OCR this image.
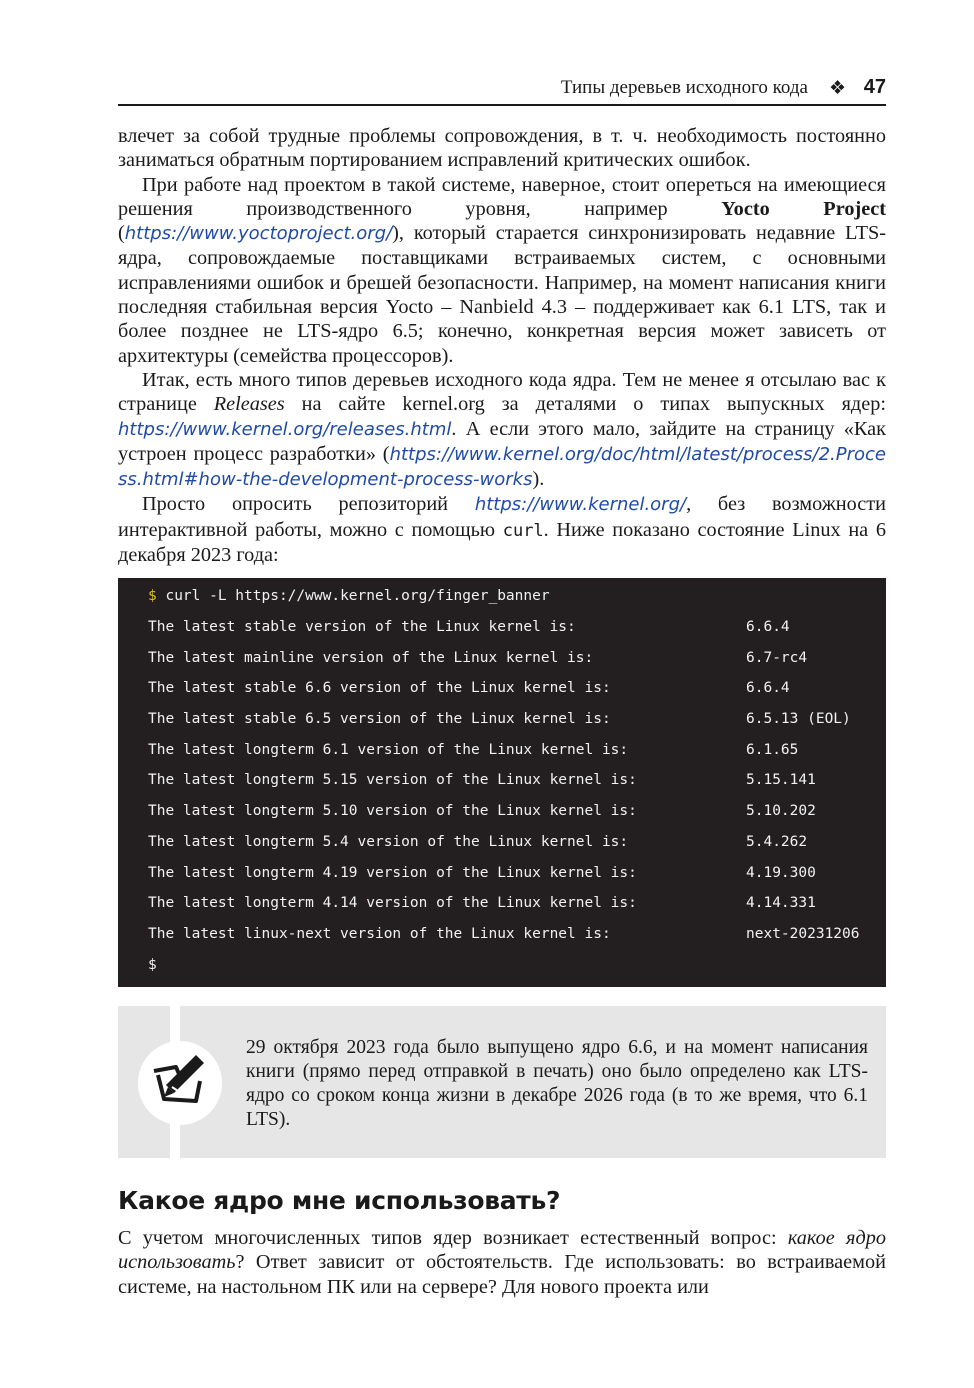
Типы деревьев исходного кода ❖ 47

влечет за собой трудные проблемы сопровождения, в т. ч. необходимость постоянно заниматься обратным портированием исправлений критических ошибок.

При работе над проектом в такой системе, наверное, стоит опереться на имеющиеся решения производственного уровня, например Yocto Project (https://www.yoctoproject.org/), который старается синхронизировать недавние LTS-ядра, сопровождаемые поставщиками встраиваемых систем, с основными исправлениями ошибок и брешей безопасности. Например, на момент написания книги последняя стабильная версия Yocto – Nanbield 4.3 – поддерживает как 6.1 LTS, так и более позднее не LTS-ядро 6.5; конечно, конкретная версия может зависеть от архитектуры (семейства процессоров).

Итак, есть много типов деревьев исходного кода ядра. Тем не менее я отсылаю вас к странице Releases на сайте kernel.org за деталями о типах выпускных ядер: https://www.kernel.org/releases.html. А если этого мало, зайдите на страницу «Как устроен процесс разработки» (https://www.kernel.org/doc/html/latest/process/2.Process.html#how-the-development-process-works).

Просто опросить репозиторий https://www.kernel.org/, без возможности интерактивной работы, можно с помощью curl. Ниже показано состояние Linux на 6 декабря 2023 года:

$ curl -L https://www.kernel.org/finger_banner
The latest stable version of the Linux kernel is:	6.6.4
The latest mainline version of the Linux kernel is:	6.7-rc4
The latest stable 6.6 version of the Linux kernel is:	6.6.4
The latest stable 6.5 version of the Linux kernel is:	6.5.13 (EOL)
The latest longterm 6.1 version of the Linux kernel is:	6.1.65
The latest longterm 5.15 version of the Linux kernel is:	5.15.141
The latest longterm 5.10 version of the Linux kernel is:	5.10.202
The latest longterm 5.4 version of the Linux kernel is:	5.4.262
The latest longterm 4.19 version of the Linux kernel is:	4.19.300
The latest longterm 4.14 version of the Linux kernel is:	4.14.331
The latest linux-next version of the Linux kernel is:	next-20231206
$
29 октября 2023 года было выпущено ядро 6.6, и на момент написания книги (прямо перед отправкой в печать) оно было определено как LTS-ядро со сроком конца жизни в декабре 2026 года (в то же время, что 6.1 LTS).
Какое ядро мне использовать?

С учетом многочисленных типов ядер возникает естественный вопрос: какое ядро использовать? Ответ зависит от обстоятельств. Где использовать: во встраиваемой системе, на настольном ПК или на сервере? Для нового проекта или
